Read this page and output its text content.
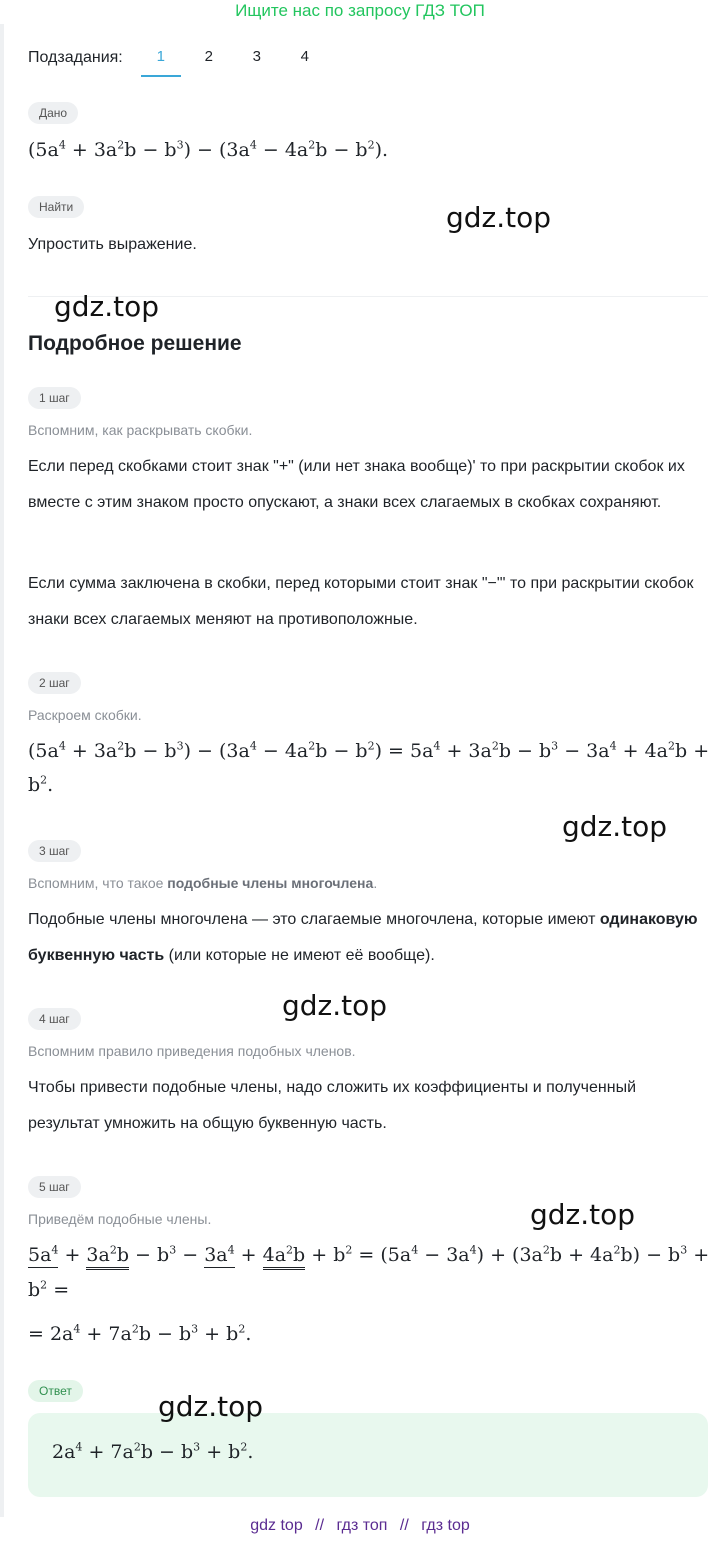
Ищите нас по запросу ГДЗ ТОП
Подзадания:	1	2	3	4
Дано
$(5a^4 + 3a^2b - b^3) - (3a^4 - 4a^2b - b^2)$.
Найти
Упростить выражение.
Подробное решение
1 шаг
Вспомним, как раскрывать скобки.
Если перед скобками стоит знак "+" (или нет знака вообще)' то при раскрытии скобок их вместе с этим знаком просто опускают, а знаки всех слагаемых в скобках сохраняют.
Если сумма заключена в скобки, перед которыми стоит знак "−"' то при раскрытии скобок знаки всех слагаемых меняют на противоположные.
2 шаг
Раскроем скобки.
$(5a^4 + 3a^2b - b^3) - (3a^4 - 4a^2b - b^2) = 5a^4 + 3a^2b - b^3 - 3a^4 + 4a^2b$ +
$b^2$.
3 шаг
Вспомним, что такое подобные члены многочлена.
Подобные члены многочлена — это слагаемые многочлена, которые имеют одинаковую буквенную часть (или которые не имеют её вообще).
4 шаг
Вспомним правило приведения подобных членов.
Чтобы привести подобные члены, надо сложить их коэффициенты и полученный результат умножить на общую буквенную часть.
5 шаг
Приведём подобные члены.
$5a^4 + 3a^2b - b^3 - 3a^4 + 4a^2b + b^2 = (5a^4 - 3a^4) + (3a^2b + 4a^2b) - b^3$ +
$b^2$ =
= $2a^4 + 7a^2b - b^3 + b^2$.
Ответ
$2a^4 + 7a^2b - b^3 + b^2$.
gdz.top
gdz.top
gdz.top
gdz.top
gdz.top
gdz.top
gdz top // гдз топ // гдз top
